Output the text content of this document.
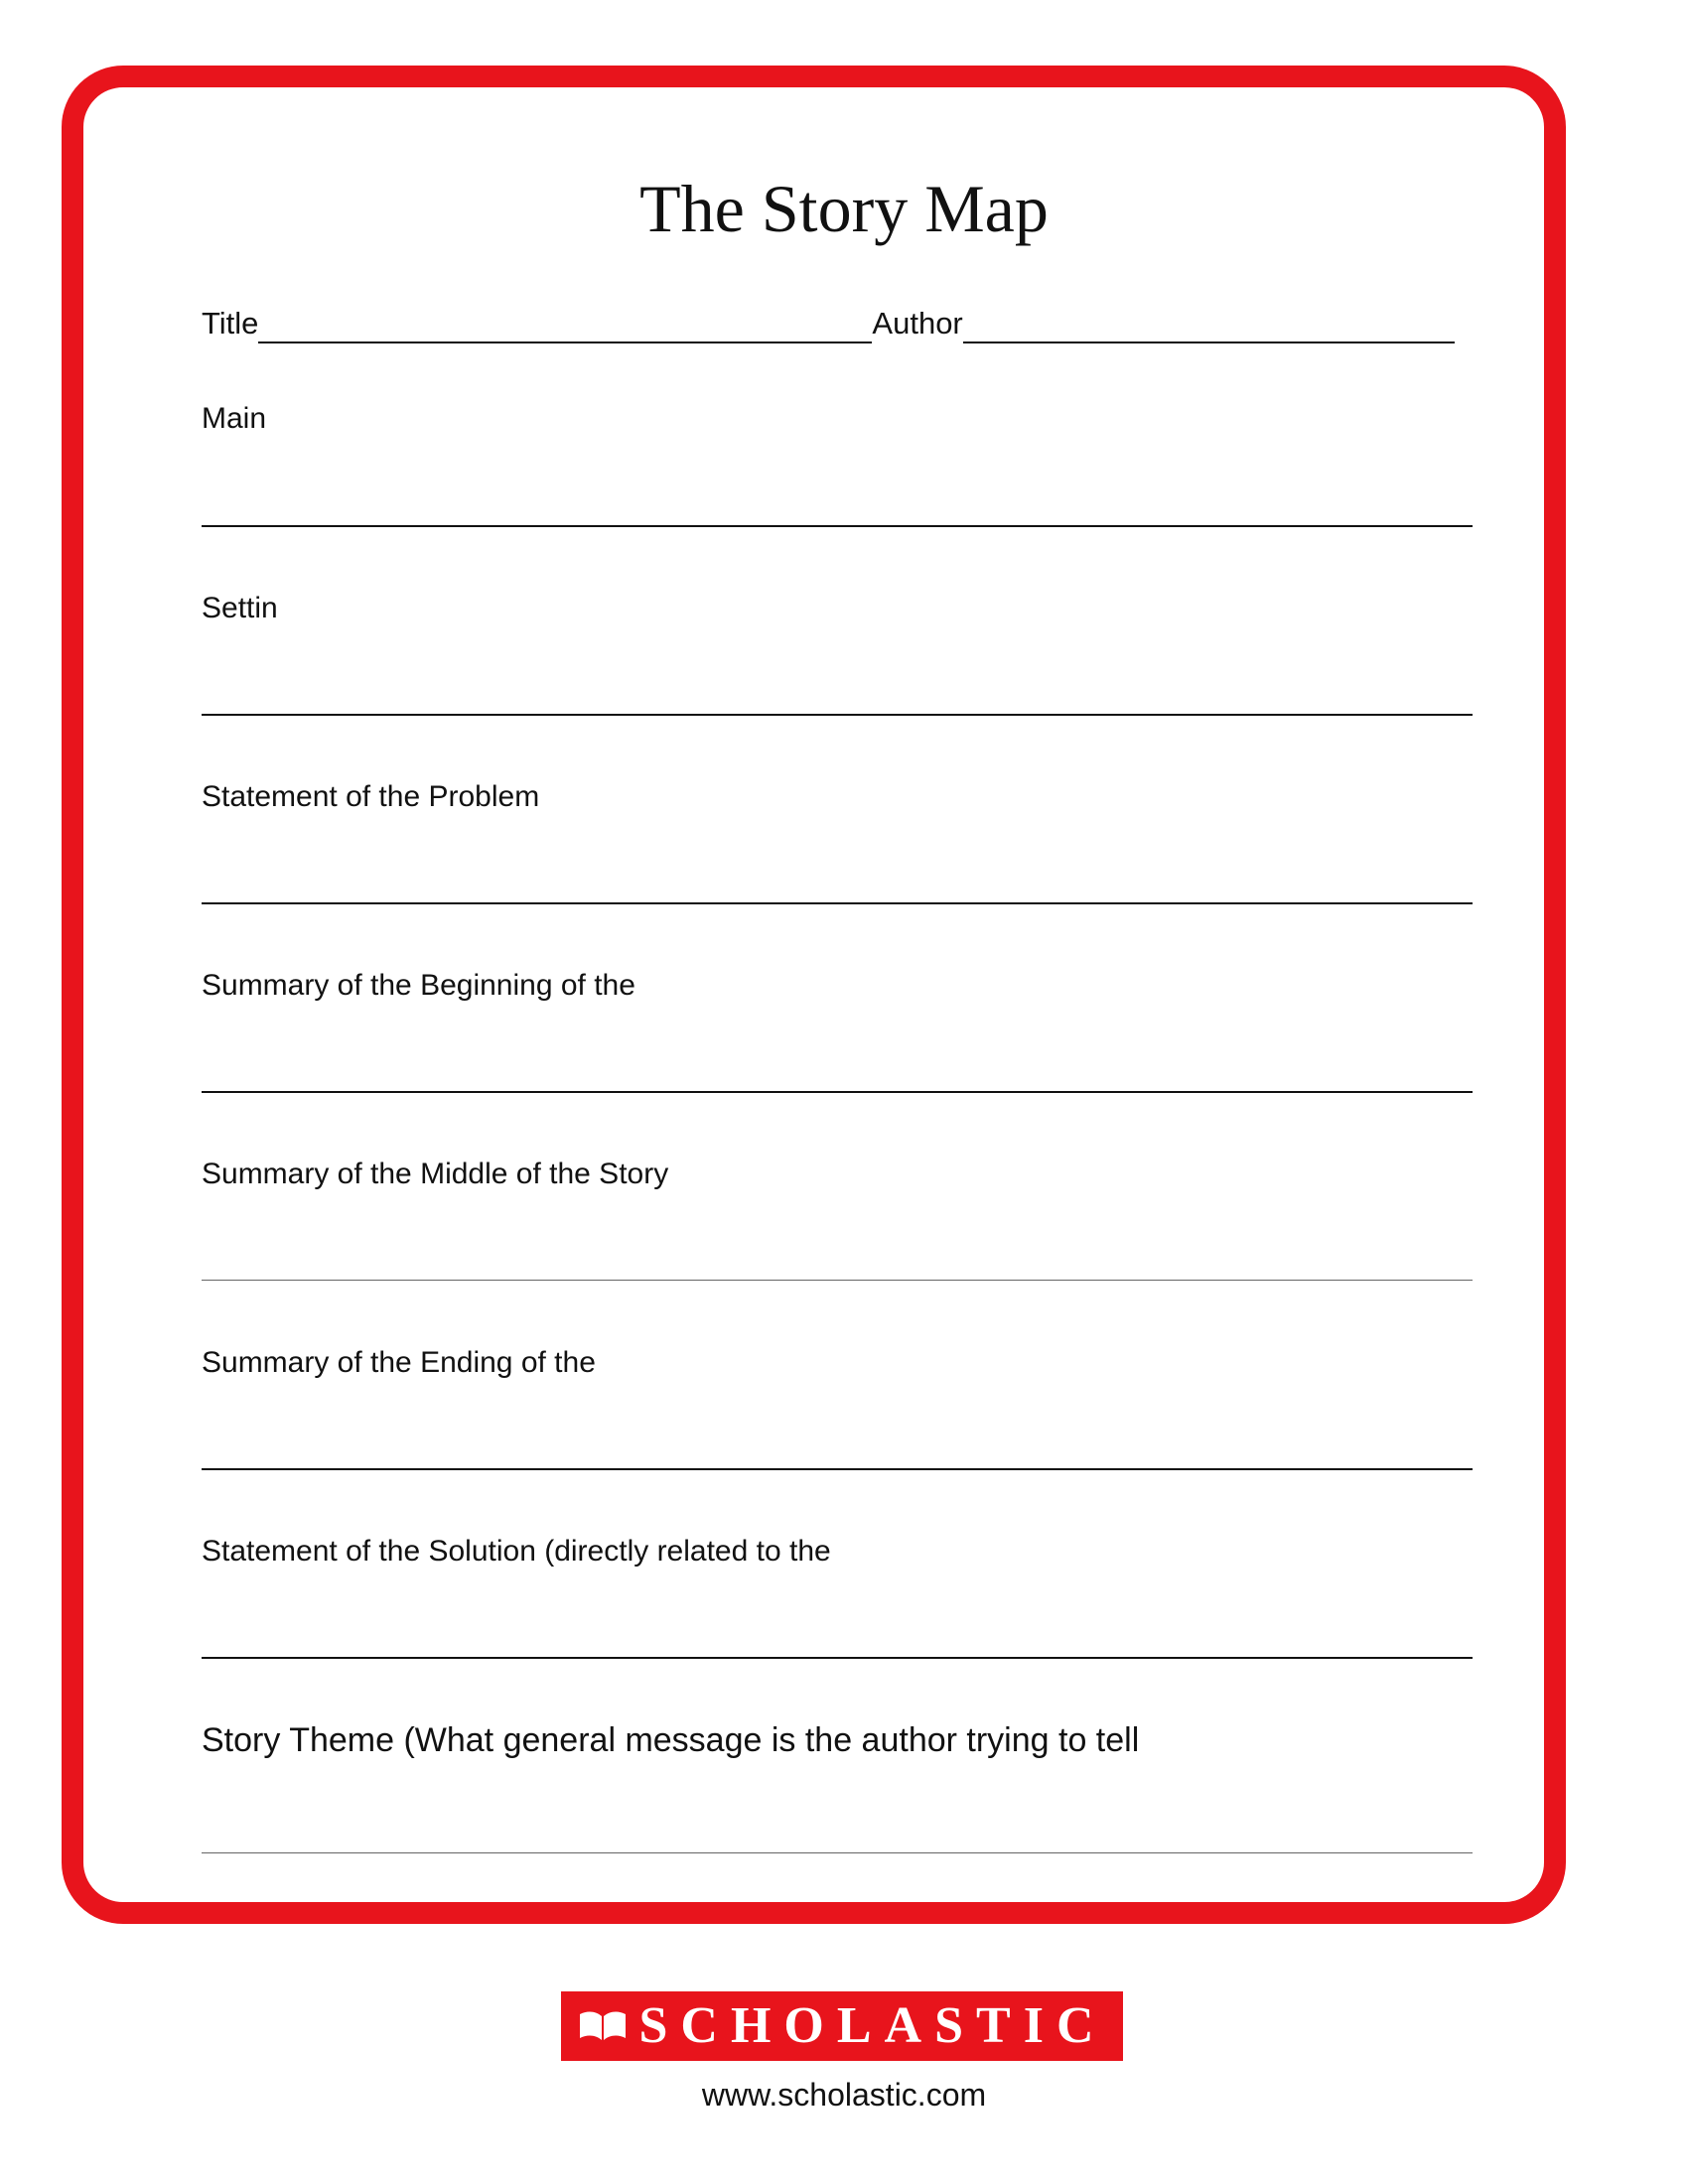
The Story Map
Title	Author
Main
Settin
Statement of the Problem
Summary of the Beginning of the
Summary of the Middle of the Story
Summary of the Ending of the
Statement of the Solution (directly related to the
Story Theme (What general message is the author trying to tell
SCHOLASTIC
www.scholastic.com
